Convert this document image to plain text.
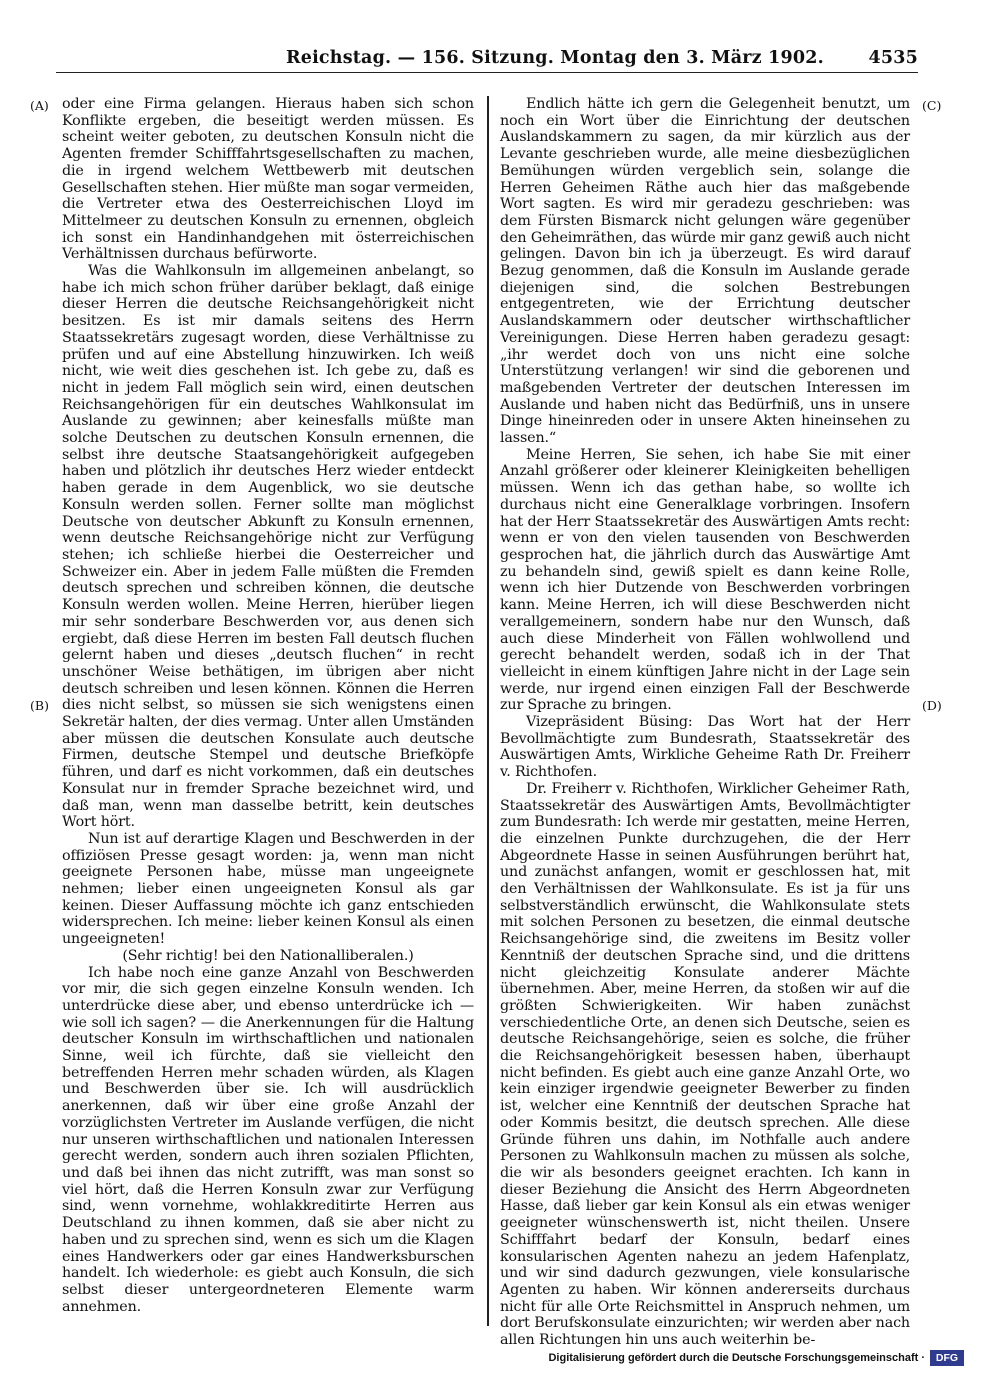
Reichstag. — 156. Sitzung. Montag den 3. März 1902.	4535
(A)
(B)
(C)
(D)

oder eine Firma gelangen. Hieraus haben sich schon Konflikte ergeben, die beseitigt werden müssen. Es scheint weiter geboten, zu deutschen Konsuln nicht die Agenten fremder Schifffahrtsgesellschaften zu machen, die in irgend welchem Wettbewerb mit deutschen Gesellschaften stehen. Hier müßte man sogar vermeiden, die Vertreter etwa des Oesterreichischen Lloyd im Mittelmeer zu deutschen Konsuln zu ernennen, obgleich ich sonst ein Handinhandgehen mit österreichischen Verhältnissen durchaus befürworte.

Was die Wahlkonsuln im allgemeinen anbelangt, so habe ich mich schon früher darüber beklagt, daß einige dieser Herren die deutsche Reichsangehörigkeit nicht besitzen. Es ist mir damals seitens des Herrn Staatssekretärs zugesagt worden, diese Verhältnisse zu prüfen und auf eine Abstellung hinzuwirken. Ich weiß nicht, wie weit dies geschehen ist. Ich gebe zu, daß es nicht in jedem Fall möglich sein wird, einen deutschen Reichsangehörigen für ein deutsches Wahlkonsulat im Auslande zu gewinnen; aber keinesfalls müßte man solche Deutschen zu deutschen Konsuln ernennen, die selbst ihre deutsche Staatsangehörigkeit aufgegeben haben und plötzlich ihr deutsches Herz wieder entdeckt haben gerade in dem Augenblick, wo sie deutsche Konsuln werden sollen. Ferner sollte man möglichst Deutsche von deutscher Abkunft zu Konsuln ernennen, wenn deutsche Reichsangehörige nicht zur Verfügung stehen; ich schließe hierbei die Oesterreicher und Schweizer ein. Aber in jedem Falle müßten die Fremden deutsch sprechen und schreiben können, die deutsche Konsuln werden wollen. Meine Herren, hierüber liegen mir sehr sonderbare Beschwerden vor, aus denen sich ergiebt, daß diese Herren im besten Fall deutsch fluchen gelernt haben und dieses „deutsch fluchen“ in recht unschöner Weise bethätigen, im übrigen aber nicht deutsch schreiben und lesen können. Können die Herren dies nicht selbst, so müssen sie sich wenigstens einen Sekretär halten, der dies vermag. Unter allen Umständen aber müssen die deutschen Konsulate auch deutsche Firmen, deutsche Stempel und deutsche Briefköpfe führen, und darf es nicht vorkommen, daß ein deutsches Konsulat nur in fremder Sprache bezeichnet wird, und daß man, wenn man dasselbe betritt, kein deutsches Wort hört.

Nun ist auf derartige Klagen und Beschwerden in der offiziösen Presse gesagt worden: ja, wenn man nicht geeignete Personen habe, müsse man ungeeignete nehmen; lieber einen ungeeigneten Konsul als gar keinen. Dieser Auffassung möchte ich ganz entschieden widersprechen. Ich meine: lieber keinen Konsul als einen ungeeigneten!

(Sehr richtig! bei den Nationalliberalen.)

Ich habe noch eine ganze Anzahl von Beschwerden vor mir, die sich gegen einzelne Konsuln wenden. Ich unterdrücke diese aber, und ebenso unterdrücke ich — wie soll ich sagen? — die Anerkennungen für die Haltung deutscher Konsuln im wirthschaftlichen und nationalen Sinne, weil ich fürchte, daß sie vielleicht den betreffenden Herren mehr schaden würden, als Klagen und Beschwerden über sie. Ich will ausdrücklich anerkennen, daß wir über eine große Anzahl der vorzüglichsten Vertreter im Auslande verfügen, die nicht nur unseren wirthschaftlichen und nationalen Interessen gerecht werden, sondern auch ihren sozialen Pflichten, und daß bei ihnen das nicht zutrifft, was man sonst so viel hört, daß die Herren Konsuln zwar zur Verfügung sind, wenn vornehme, wohlakkreditirte Herren aus Deutschland zu ihnen kommen, daß sie aber nicht zu haben und zu sprechen sind, wenn es sich um die Klagen eines Handwerkers oder gar eines Handwerksburschen handelt. Ich wiederhole: es giebt auch Konsuln, die sich selbst dieser untergeordneteren Elemente warm annehmen.

Endlich hätte ich gern die Gelegenheit benutzt, um noch ein Wort über die Einrichtung der deutschen Auslandskammern zu sagen, da mir kürzlich aus der Levante geschrieben wurde, alle meine diesbezüglichen Bemühungen würden vergeblich sein, solange die Herren Geheimen Räthe auch hier das maßgebende Wort sagten. Es wird mir geradezu geschrieben: was dem Fürsten Bismarck nicht gelungen wäre gegenüber den Geheimräthen, das würde mir ganz gewiß auch nicht gelingen. Davon bin ich ja überzeugt. Es wird darauf Bezug genommen, daß die Konsuln im Auslande gerade diejenigen sind, die solchen Bestrebungen entgegentreten, wie der Errichtung deutscher Auslandskammern oder deutscher wirthschaftlicher Vereinigungen. Diese Herren haben geradezu gesagt: „ihr werdet doch von uns nicht eine solche Unterstützung verlangen! wir sind die geborenen und maßgebenden Vertreter der deutschen Interessen im Auslande und haben nicht das Bedürfniß, uns in unsere Dinge hineinreden oder in unsere Akten hineinsehen zu lassen.“

Meine Herren, Sie sehen, ich habe Sie mit einer Anzahl größerer oder kleinerer Kleinigkeiten behelligen müssen. Wenn ich das gethan habe, so wollte ich durchaus nicht eine Generalklage vorbringen. Insofern hat der Herr Staatssekretär des Auswärtigen Amts recht: wenn er von den vielen tausenden von Beschwerden gesprochen hat, die jährlich durch das Auswärtige Amt zu behandeln sind, gewiß spielt es dann keine Rolle, wenn ich hier Dutzende von Beschwerden vorbringen kann. Meine Herren, ich will diese Beschwerden nicht verallgemeinern, sondern habe nur den Wunsch, daß auch diese Minderheit von Fällen wohlwollend und gerecht behandelt werden, sodaß ich in der That vielleicht in einem künftigen Jahre nicht in der Lage sein werde, nur irgend einen einzigen Fall der Beschwerde zur Sprache zu bringen.

Vizepräsident Büsing: Das Wort hat der Herr Bevollmächtigte zum Bundesrath, Staatssekretär des Auswärtigen Amts, Wirkliche Geheime Rath Dr. Freiherr v. Richthofen.

Dr. Freiherr v. Richthofen, Wirklicher Geheimer Rath, Staatssekretär des Auswärtigen Amts, Bevollmächtigter zum Bundesrath: Ich werde mir gestatten, meine Herren, die einzelnen Punkte durchzugehen, die der Herr Abgeordnete Hasse in seinen Ausführungen berührt hat, und zunächst anfangen, womit er geschlossen hat, mit den Verhältnissen der Wahlkonsulate. Es ist ja für uns selbstverständlich erwünscht, die Wahlkonsulate stets mit solchen Personen zu besetzen, die einmal deutsche Reichsangehörige sind, die zweitens im Besitz voller Kenntniß der deutschen Sprache sind, und die drittens nicht gleichzeitig Konsulate anderer Mächte übernehmen. Aber, meine Herren, da stoßen wir auf die größten Schwierigkeiten. Wir haben zunächst verschiedentliche Orte, an denen sich Deutsche, seien es deutsche Reichsangehörige, seien es solche, die früher die Reichsangehörigkeit besessen haben, überhaupt nicht befinden. Es giebt auch eine ganze Anzahl Orte, wo kein einziger irgendwie geeigneter Bewerber zu finden ist, welcher eine Kenntniß der deutschen Sprache hat oder Kommis besitzt, die deutsch sprechen. Alle diese Gründe führen uns dahin, im Nothfalle auch andere Personen zu Wahlkonsuln machen zu müssen als solche, die wir als besonders geeignet erachten. Ich kann in dieser Beziehung die Ansicht des Herrn Abgeordneten Hasse, daß lieber gar kein Konsul als ein etwas weniger geeigneter wünschenswerth ist, nicht theilen. Unsere Schifffahrt bedarf der Konsuln, bedarf eines konsularischen Agenten nahezu an jedem Hafenplatz, und wir sind dadurch gezwungen, viele konsularische Agenten zu haben. Wir können andererseits durchaus nicht für alle Orte Reichsmittel in Anspruch nehmen, um dort Berufskonsulate einzurichten; wir werden aber nach allen Richtungen hin uns auch weiterhin be-

Digitalisierung gefördert durch die Deutsche Forschungsgemeinschaft ·	DFG
